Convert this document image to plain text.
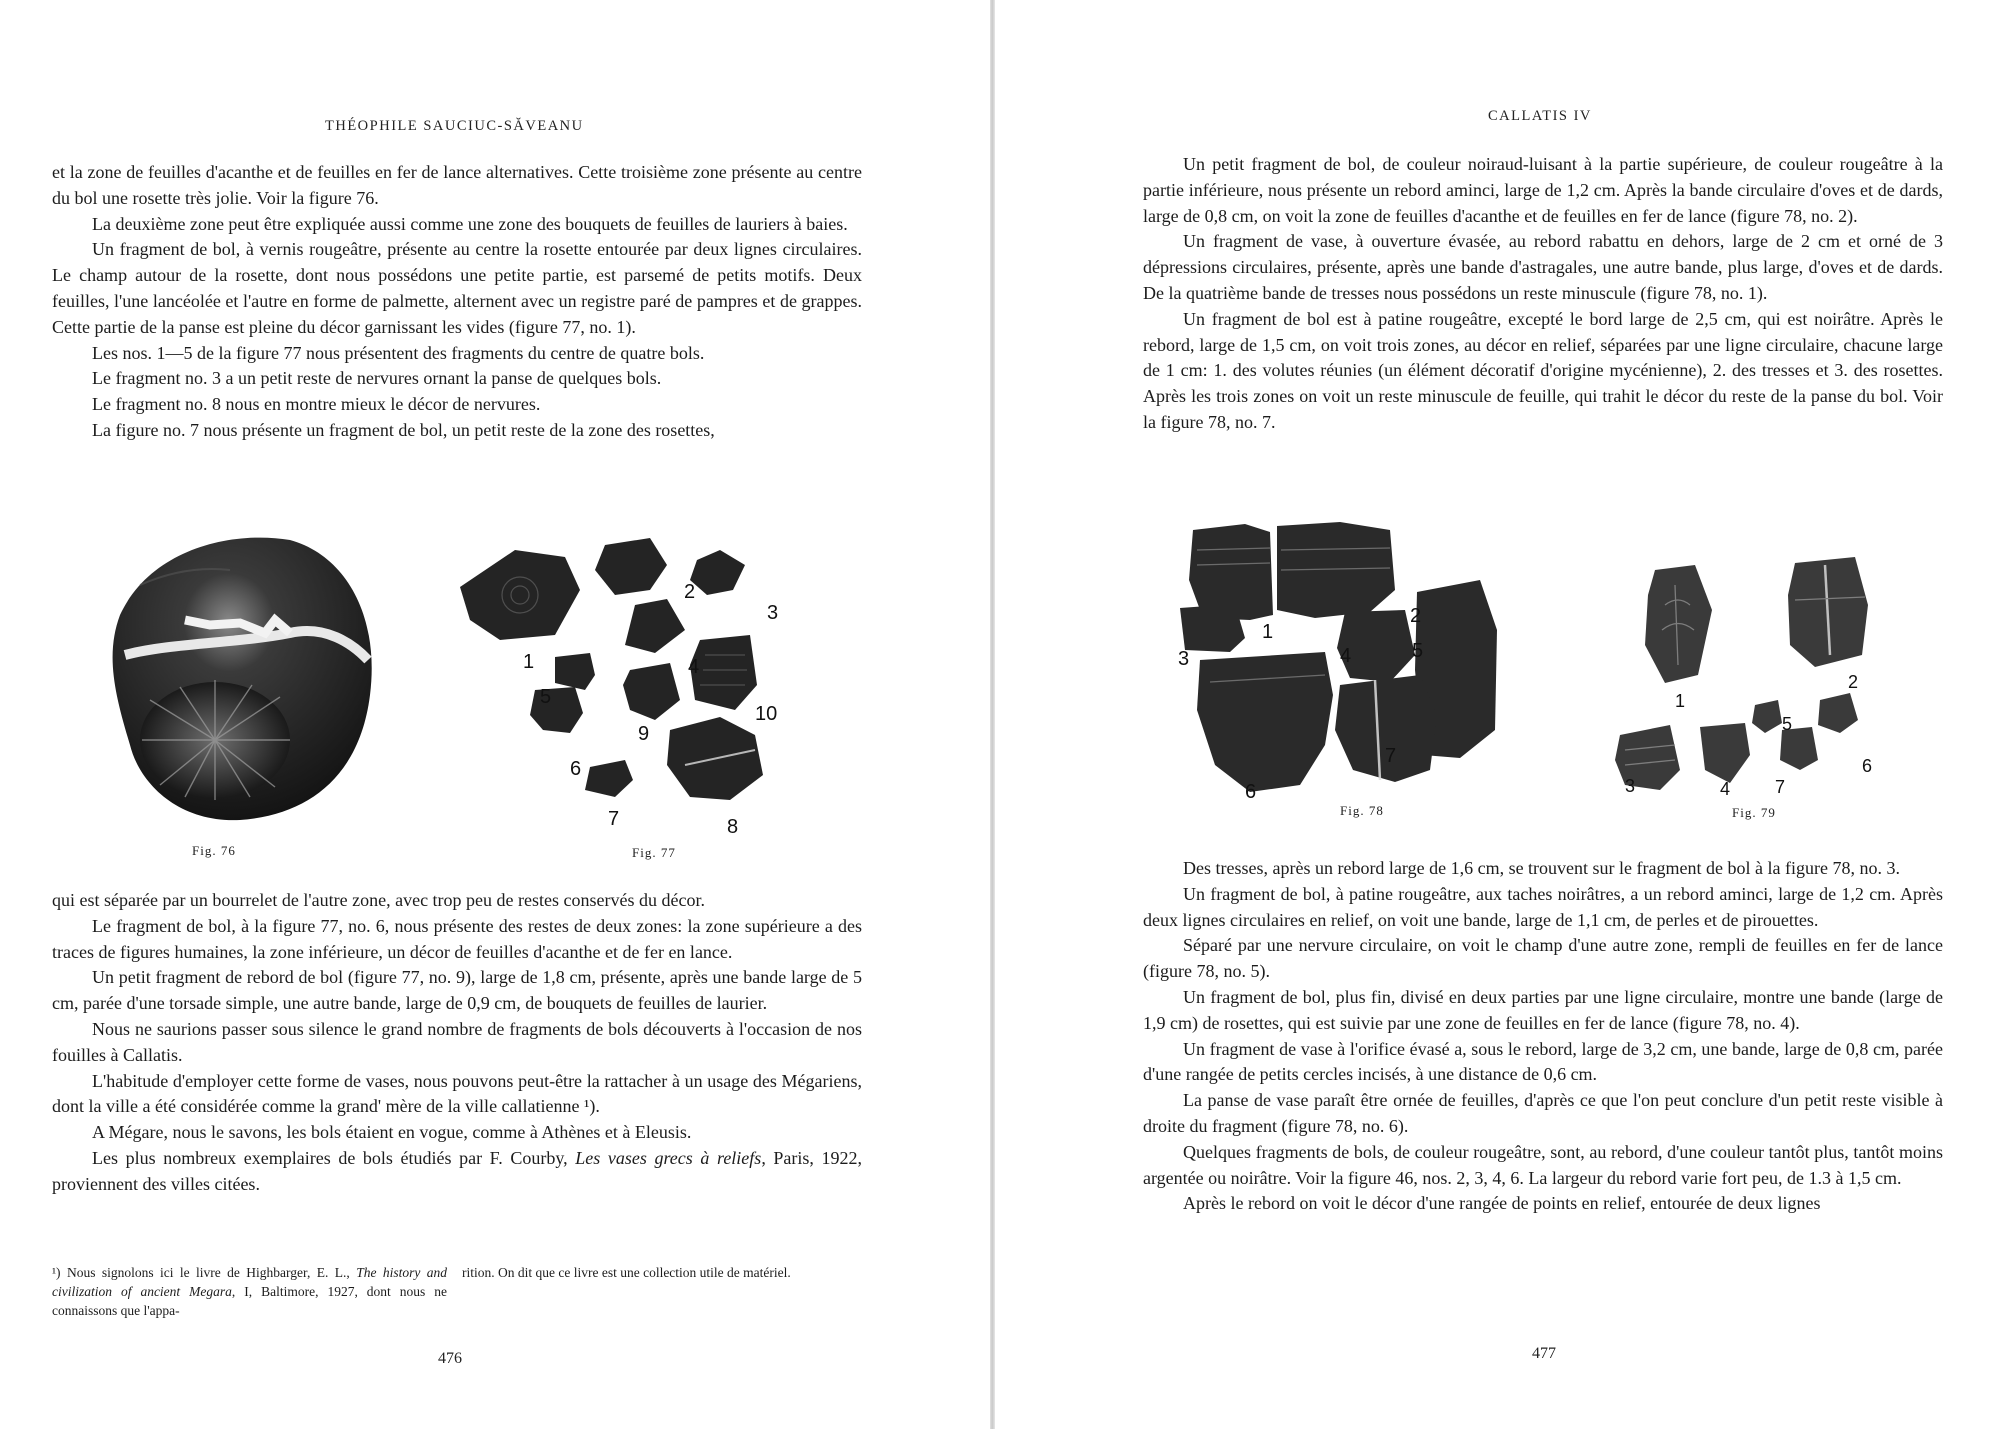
THÉOPHILE SAUCIUC-SĂVEANU

et la zone de feuilles d'acanthe et de feuilles en fer de lance alternatives. Cette troisième zone présente au centre du bol une rosette très jolie. Voir la figure 76.

La deuxième zone peut être expliquée aussi comme une zone des bouquets de feuilles de lauriers à baies.

Un fragment de bol, à vernis rougeâtre, présente au centre la rosette entourée par deux lignes circulaires. Le champ autour de la rosette, dont nous possédons une petite partie, est parsemé de petits motifs. Deux feuilles, l'une lancéolée et l'autre en forme de palmette, alternent avec un registre paré de pampres et de grappes. Cette partie de la panse est pleine du décor garnissant les vides (figure 77, no. 1).

Les nos. 1—5 de la figure 77 nous présentent des fragments du centre de quatre bols.

Le fragment no. 3 a un petit reste de nervures ornant la panse de quelques bols.

Le fragment no. 8 nous en montre mieux le décor de nervures.

La figure no. 7 nous présente un fragment de bol, un petit reste de la zone des rosettes,

Fig. 76
1
2
3
4
5
6
7	8
9
10
Fig. 77

qui est séparée par un bourrelet de l'autre zone, avec trop peu de restes conservés du décor.

Le fragment de bol, à la figure 77, no. 6, nous présente des restes de deux zones: la zone supérieure a des traces de figures humaines, la zone inférieure, un décor de feuilles d'acanthe et de fer en lance.

Un petit fragment de rebord de bol (figure 77, no. 9), large de 1,8 cm, présente, après une bande large de 5 cm, parée d'une torsade simple, une autre bande, large de 0,9 cm, de bouquets de feuilles de laurier.

Nous ne saurions passer sous silence le grand nombre de fragments de bols découverts à l'occasion de nos fouilles à Callatis.

L'habitude d'employer cette forme de vases, nous pouvons peut-être la rattacher à un usage des Mégariens, dont la ville a été considérée comme la grand' mère de la ville callatienne ¹).

A Mégare, nous le savons, les bols étaient en vogue, comme à Athènes et à Eleusis.

Les plus nombreux exemplaires de bols étudiés par F. Courby, Les vases grecs à reliefs, Paris, 1922, proviennent des villes citées.

¹) Nous signolons ici le livre de Highbarger, E. L., The history and civilization of ancient Megara, I, Baltimore, 1927, dont nous ne connaissons que l'appa-
rition. On dit que ce livre est une collection utile de matériel.
476
CALLATIS IV

Un petit fragment de bol, de couleur noiraud-luisant à la partie supérieure, de couleur rougeâtre à la partie inférieure, nous présente un rebord aminci, large de 1,2 cm. Après la bande circulaire d'oves et de dards, large de 0,8 cm, on voit la zone de feuilles d'acanthe et de feuilles en fer de lance (figure 78, no. 2).

Un fragment de vase, à ouverture évasée, au rebord rabattu en dehors, large de 2 cm et orné de 3 dépressions circulaires, présente, après une bande d'astragales, une autre bande, plus large, d'oves et de dards. De la quatrième bande de tresses nous possédons un reste minuscule (figure 78, no. 1).

Un fragment de bol est à patine rougeâtre, excepté le bord large de 2,5 cm, qui est noirâtre. Après le rebord, large de 1,5 cm, on voit trois zones, au décor en relief, séparées par une ligne circulaire, chacune large de 1 cm: 1. des volutes réunies (un élément décoratif d'origine mycénienne), 2. des tresses et 3. des rosettes. Après les trois zones on voit un reste minuscule de feuille, qui trahit le décor du reste de la panse du bol. Voir la figure 78, no. 7.

1
2
3	4	5
6
7
Fig. 78
1
2
3	4
5
6
7
Fig. 79

Des tresses, après un rebord large de 1,6 cm, se trouvent sur le fragment de bol à la figure 78, no. 3.

Un fragment de bol, à patine rougeâtre, aux taches noirâtres, a un rebord aminci, large de 1,2 cm. Après deux lignes circulaires en relief, on voit une bande, large de 1,1 cm, de perles et de pirouettes.

Séparé par une nervure circulaire, on voit le champ d'une autre zone, rempli de feuilles en fer de lance (figure 78, no. 5).

Un fragment de bol, plus fin, divisé en deux parties par une ligne circulaire, montre une bande (large de 1,9 cm) de rosettes, qui est suivie par une zone de feuilles en fer de lance (figure 78, no. 4).

Un fragment de vase à l'orifice évasé a, sous le rebord, large de 3,2 cm, une bande, large de 0,8 cm, parée d'une rangée de petits cercles incisés, à une distance de 0,6 cm.

La panse de vase paraît être ornée de feuilles, d'après ce que l'on peut conclure d'un petit reste visible à droite du fragment (figure 78, no. 6).

Quelques fragments de bols, de couleur rougeâtre, sont, au rebord, d'une couleur tantôt plus, tantôt moins argentée ou noirâtre. Voir la figure 46, nos. 2, 3, 4, 6. La largeur du rebord varie fort peu, de 1.3 à 1,5 cm.

Après le rebord on voit le décor d'une rangée de points en relief, entourée de deux lignes

477
